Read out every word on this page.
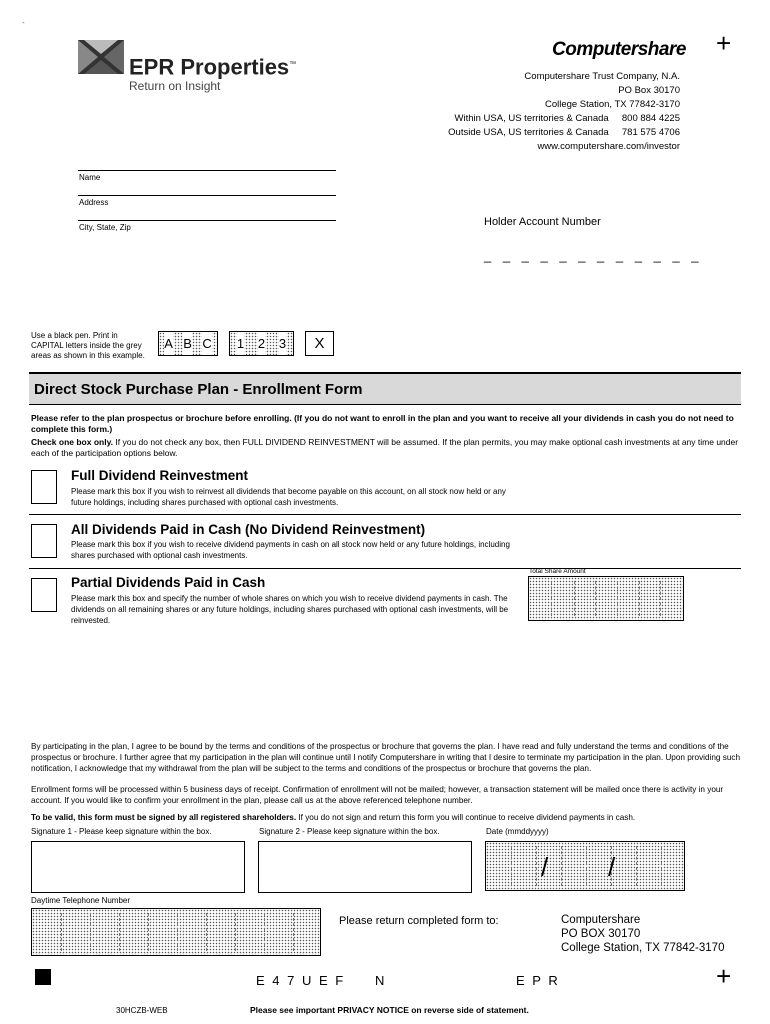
-
EPR Properties™
Return on Insight
Computershare +
Computershare Trust Company, N.A.
PO Box 30170
College Station, TX 77842-3170
Within USA, US territories & Canada 800 884 4225
Outside USA, US territories & Canada 781 575 4706
www.computershare.com/investor
Name
Address
City, State, Zip	Holder Account Number
_ _ _ _ _ _ _ _ _ _ _ _
Use a black pen. Print in
CAPITAL letters inside the grey
areas as shown in this example.
A B C 1 2 3	X
Direct Stock Purchase Plan - Enrollment Form
Please refer to the plan prospectus or brochure before enrolling. (If you do not want to enroll in the plan and you want to receive all your dividends in cash you do not need to complete this form.)
Check one box only. If you do not check any box, then FULL DIVIDEND REINVESTMENT will be assumed. If the plan permits, you may make optional cash investments at any time under each of the participation options below.
Full Dividend Reinvestment
Please mark this box if you wish to reinvest all dividends that become payable on this account, on all stock now held or any future holdings, including shares purchased with optional cash investments.
All Dividends Paid in Cash (No Dividend Reinvestment)
Please mark this box if you wish to receive dividend payments in cash on all stock now held or any future holdings, including shares purchased with optional cash investments.
Partial Dividends Paid in Cash
Please mark this box and specify the number of whole shares on which you wish to receive dividend payments in cash. The dividends on all remaining shares or any future holdings, including shares purchased with optional cash investments, will be reinvested.
Total Share Amount
By participating in the plan, I agree to be bound by the terms and conditions of the prospectus or brochure that governs the plan. I have read and fully understand the terms and conditions of the prospectus or brochure. I further agree that my participation in the plan will continue until I notify Computershare in writing that I desire to terminate my participation in the plan. Upon providing such notification, I acknowledge that my withdrawal from the plan will be subject to the terms and conditions of the prospectus or brochure that governs the plan.
Enrollment forms will be processed within 5 business days of receipt. Confirmation of enrollment will not be mailed; however, a transaction statement will be mailed once there is activity in your account. If you would like to confirm your enrollment in the plan, please call us at the above referenced telephone number.
To be valid, this form must be signed by all registered shareholders. If you do not sign and return this form you will continue to receive dividend payments in cash.
Signature 1 - Please keep signature within the box.	Signature 2 - Please keep signature within the box.	Date (mmddyyyy)
/ /
Daytime Telephone Number
Please return completed form to:	Computershare
PO BOX 30170
College Station, TX 77842-3170
E 4 7 U E F N	E P R	+
30HCZB-WEB	Please see important PRIVACY NOTICE on reverse side of statement.
